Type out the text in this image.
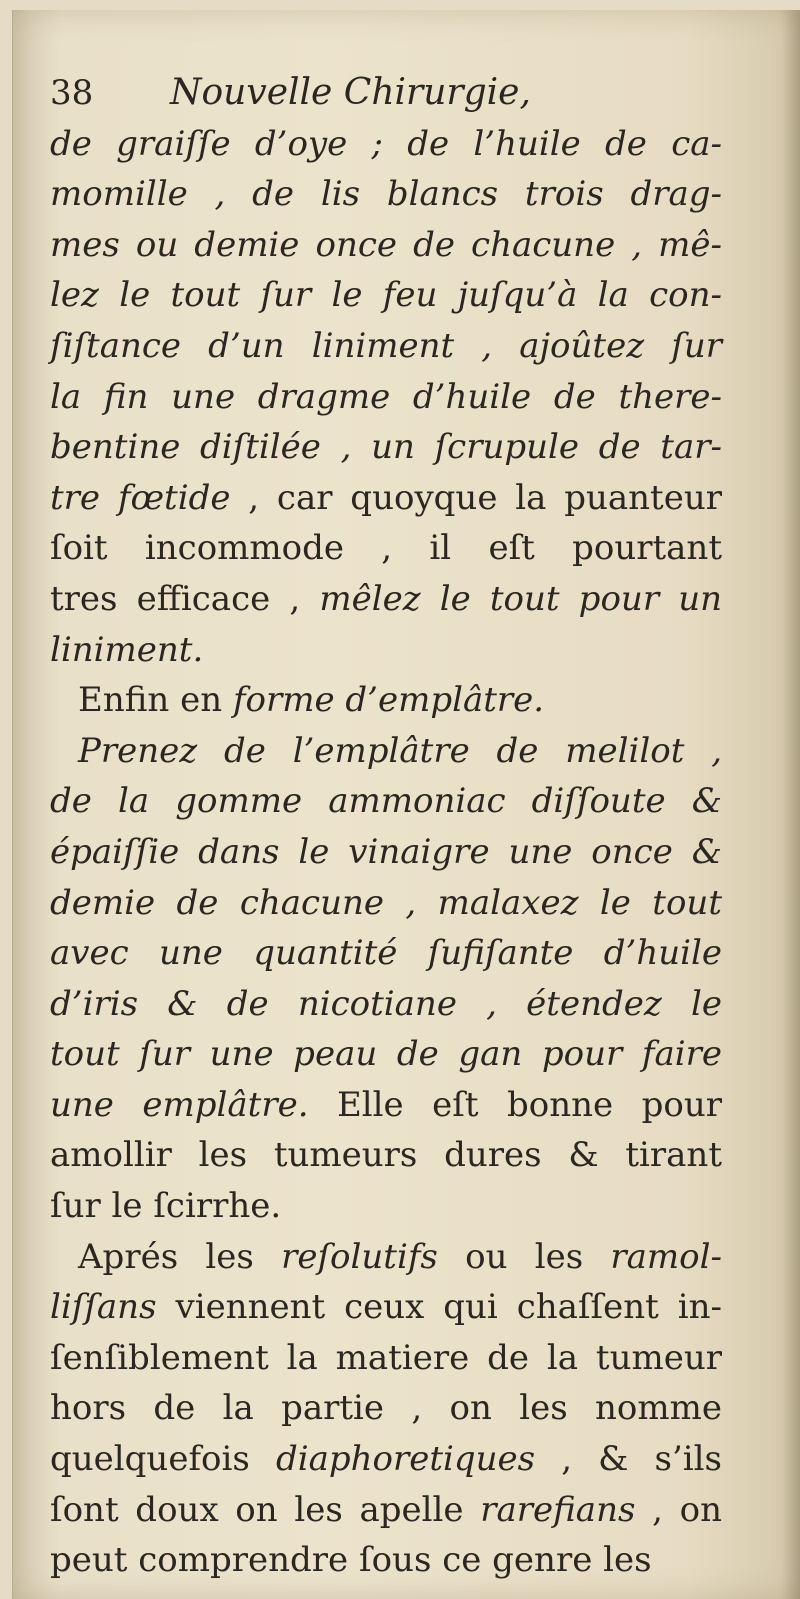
38 Nouvelle Chirurgie,
de graiſſe d’oye ; de l’huile de ca-
momille , de lis blancs trois drag-
mes ou demie once de chacune , mê-
lez le tout ſur le feu juſqu’à la con-
ſiſtance d’un liniment , ajoûtez ſur
la fin une dragme d’huile de there-
bentine diſtilée , un ſcrupule de tar-
tre fœtide , car quoyque la puanteur
ſoit incommode , il eſt pourtant
tres efficace , mêlez le tout pour un
liniment.
Enfin en forme d’emplâtre.
Prenez de l’emplâtre de melilot ,
de la gomme ammoniac diſſoute &
épaiſſie dans le vinaigre une once &
demie de chacune , malaxez le tout
avec une quantité ſufiſante d’huile
d’iris & de nicotiane , étendez le
tout ſur une peau de gan pour faire
une emplâtre. Elle eſt bonne pour
amollir les tumeurs dures & tirant
ſur le ſcirrhe.
Aprés les reſolutifs ou les ramol-
liſſans viennent ceux qui chaſſent in-
ſenſiblement la matiere de la tumeur
hors de la partie , on les nomme
quelquefois diaphoretiques , & s’ils
ſont doux on les apelle rarefians , on
peut comprendre ſous ce genre les
